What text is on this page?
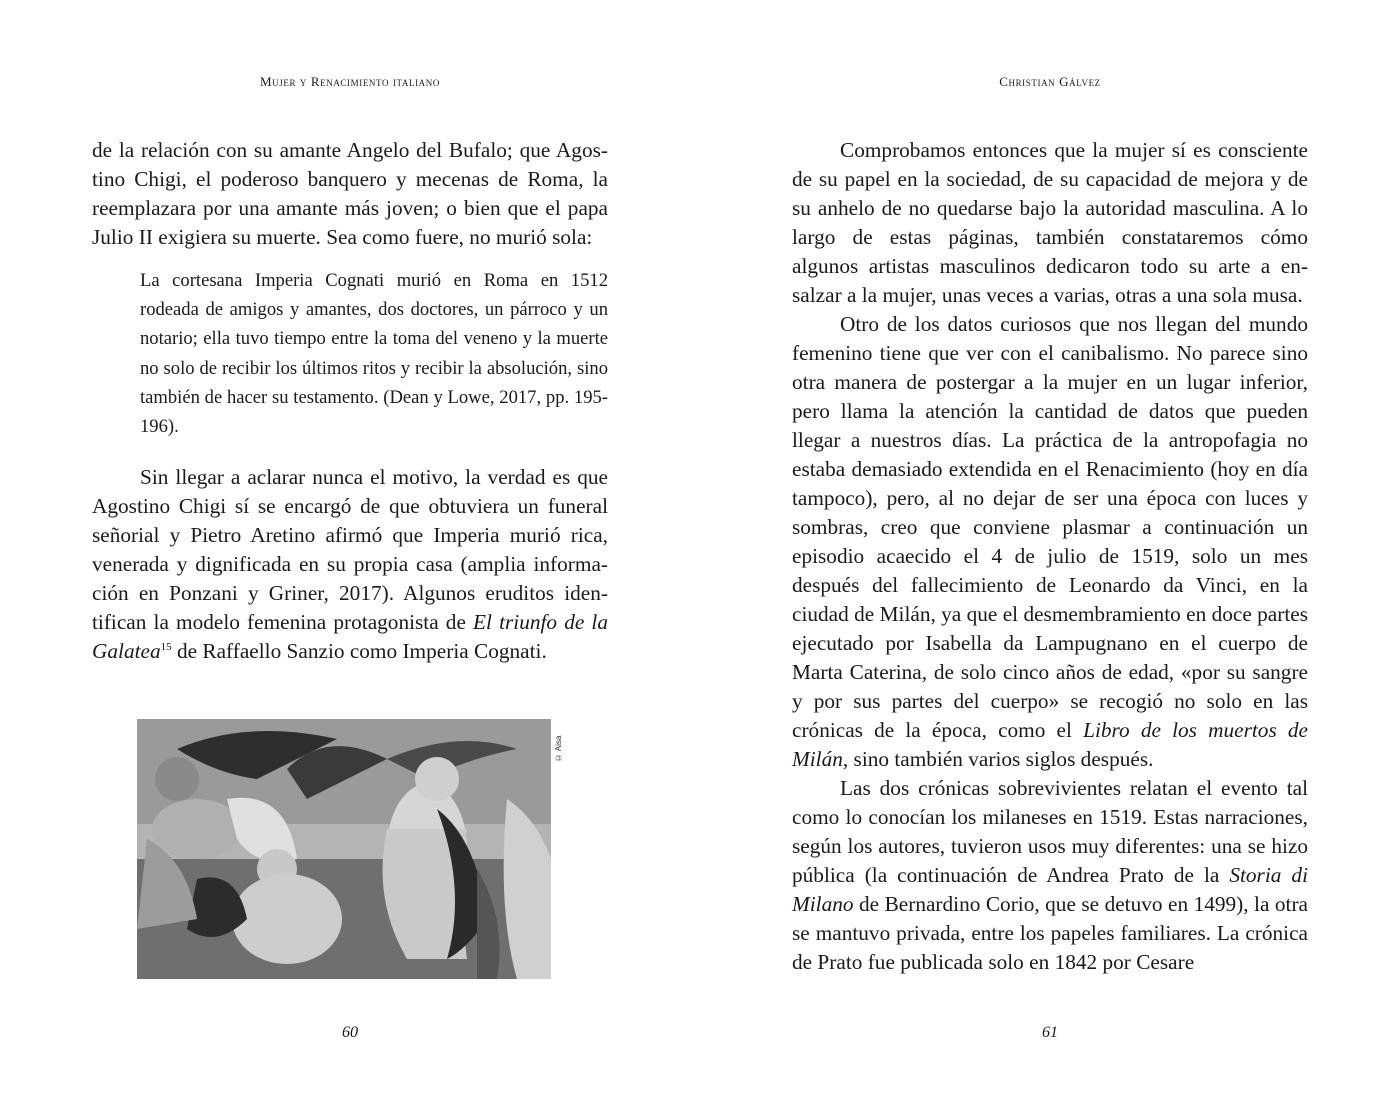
Mujer y Renacimiento italiano

de la relación con su amante Angelo del Bufalo; que Agostino Chigi, el poderoso banquero y mecenas de Roma, la reemplazara por una amante más joven; o bien que el papa Julio II exigiera su muerte. Sea como fuere, no murió sola:

La cortesana Imperia Cognati murió en Roma en 1512 rodeada de amigos y amantes, dos doctores, un párroco y un notario; ella tuvo tiempo entre la toma del veneno y la muerte no solo de recibir los últimos ritos y recibir la absolución, sino también de hacer su testamento. (Dean y Lowe, 2017, pp. 195-196).

Sin llegar a aclarar nunca el motivo, la verdad es que Agostino Chigi sí se encargó de que obtuviera un funeral señorial y Pietro Aretino afirmó que Imperia murió rica, venerada y dignificada en su propia casa (amplia información en Ponzani y Griner, 2017). Algunos eruditos identifican la modelo femenina protagonista de El triunfo de la Galatea$^{15}$ de Raffaello Sanzio como Imperia Cognati.

© Aisa
60
Christian Gálvez

Comprobamos entonces que la mujer sí es consciente de su papel en la sociedad, de su capacidad de mejora y de su anhelo de no quedarse bajo la autoridad masculina. A lo largo de estas páginas, también constataremos cómo algunos artistas masculinos dedicaron todo su arte a ensalzar a la mujer, unas veces a varias, otras a una sola musa.

Otro de los datos curiosos que nos llegan del mundo femenino tiene que ver con el canibalismo. No parece sino otra manera de postergar a la mujer en un lugar inferior, pero llama la atención la cantidad de datos que pueden llegar a nuestros días. La práctica de la antropofagia no estaba demasiado extendida en el Renacimiento (hoy en día tampoco), pero, al no dejar de ser una época con luces y sombras, creo que conviene plasmar a continuación un episodio acaecido el 4 de julio de 1519, solo un mes después del fallecimiento de Leonardo da Vinci, en la ciudad de Milán, ya que el desmembramiento en doce partes ejecutado por Isabella da Lampugnano en el cuerpo de Marta Caterina, de solo cinco años de edad, «por su sangre y por sus partes del cuerpo» se recogió no solo en las crónicas de la época, como el Libro de los muertos de Milán, sino también varios siglos después.

Las dos crónicas sobrevivientes relatan el evento tal como lo conocían los milaneses en 1519. Estas narraciones, según los autores, tuvieron usos muy diferentes: una se hizo pública (la continuación de Andrea Prato de la Storia di Milano de Bernardino Corio, que se detuvo en 1499), la otra se mantuvo privada, entre los papeles familiares. La crónica de Prato fue publicada solo en 1842 por Cesare

61
